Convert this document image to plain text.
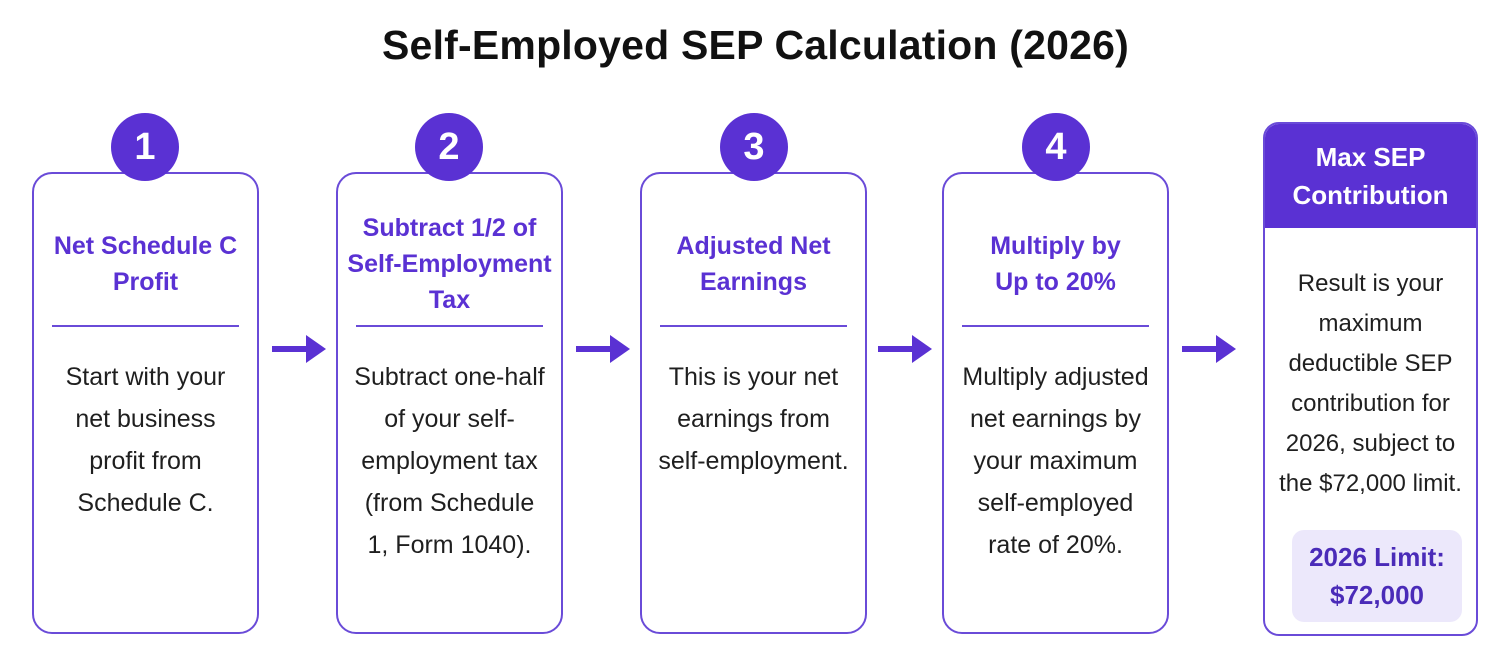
Self-Employed SEP Calculation (2026)
1
Net Schedule C Profit
Start with your net business profit from Schedule C.
2
Subtract 1/2 of Self-Employment Tax
Subtract one-half of your self-employment tax (from Schedule 1, Form 1040).
3
Adjusted Net Earnings
This is your net earnings from self-employment.
4
Multiply by Up to 20%
Multiply adjusted net earnings by your maximum self-employed rate of 20%.
Max SEP Contribution
Result is your maximum deductible SEP contribution for 2026, subject to the $72,000 limit.
2026 Limit:
$72,000
